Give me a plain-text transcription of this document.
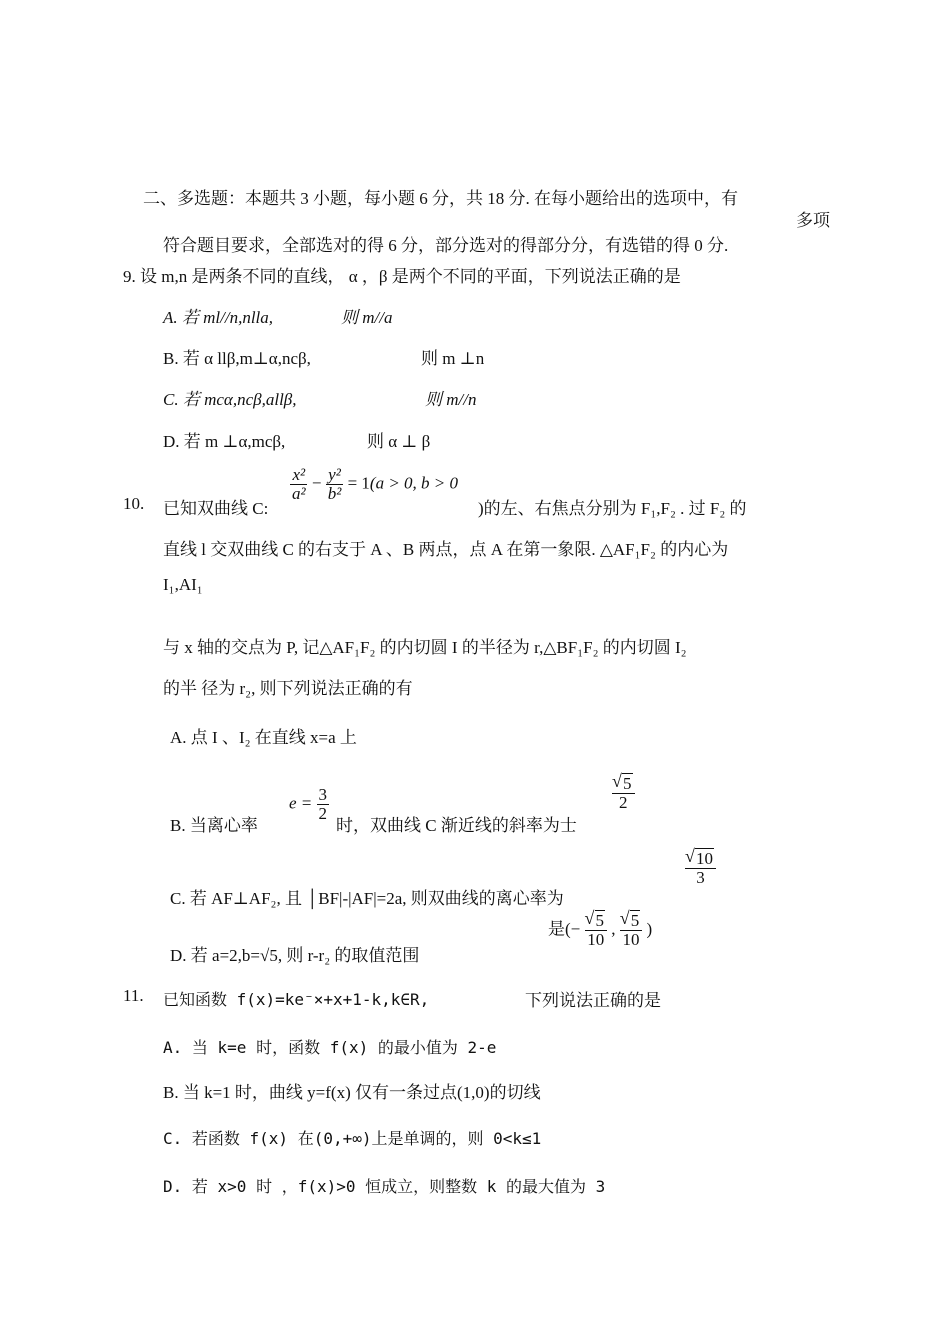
二、多选题：本题共 3 小题，每小题 6 分，共 18 分. 在每小题给出的选项中，有
多项
符合题目要求，全部选对的得 6 分，部分选对的得部分分，有选错的得 0 分.
9. 设 m,n 是两条不同的直线， α ，β 是两个不同的平面，下列说法正确的是
A. 若 ml//n,nlla,	则 m//a
B. 若 α llβ,m⊥α,ncβ,	则 m ⊥n
C. 若 mcα,ncβ,allβ,	则 m//n
D. 若 m ⊥α,mcβ,	则 α ⊥ β
10. 已知双曲线 C:
$\frac{\text{x²}}{\text{a²}} - \frac{\text{y²}}{\text{b²}} = 1(a > 0$, b > 0
)的左、右焦点分别为 F₁,F₂ . 过 F₂ 的
直线 l 交双曲线 C 的右支于 A 、B 两点，点 A 在第一象限. △AF₁F₂ 的内心为
I₁,AI₁
与 x 轴的交点为 P, 记△AF₁F₂ 的内切圆 I 的半径为 r,△BF₁F₂ 的内切圆 I₂
的半 径为 r₂, 则下列说法正确的有
A. 点 I 、I₂ 在直线 x=a 上
B. 当离心率
$e = \frac{3}{2}$
时，双曲线 C 渐近线的斜率为士
√ $\frac{5}{2}$
C. 若 AF⊥AF₂, 且 │BF|-|AF|=2a, 则双曲线的离心率为
√ $\frac{10}{3}$
D. 若 a=2,b=√5, 则 r-r₂ 的取值范围
是(− √ $\frac{5}{10}$ , √ $\frac{5}{10}$ )
11. 已知函数 f(x)=ke⁻×+x+1-k,k∈R,	下列说法正确的是
A. 当 k=e 时，函数 f(x) 的最小值为 2-e
B. 当 k=1 时，曲线 y=f(x) 仅有一条过点(1,0)的切线
C. 若函数 f(x) 在(0,+∞)上是单调的，则 0<k≤1
D. 若 x>0 时 ，f(x)>0 恒成立，则整数 k 的最大值为 3
